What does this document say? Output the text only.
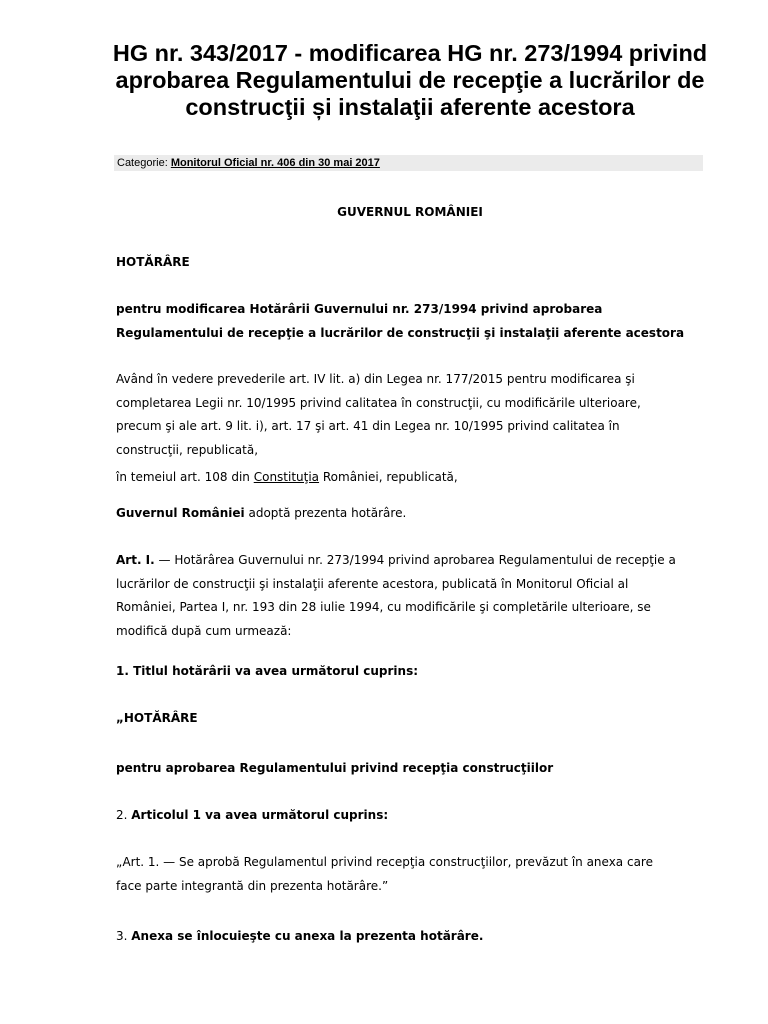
HG nr. 343/2017 - modificarea HG nr. 273/1994 privind aprobarea Regulamentului de recepţie a lucrărilor de construcţii și instalaţii aferente acestora
Categorie: Monitorul Oficial nr. 406 din 30 mai 2017

GUVERNUL ROMÂNIEI

HOTĂRÂRE

pentru modificarea Hotărârii Guvernului nr. 273/1994 privind aprobarea
Regulamentului de recepţie a lucrărilor de construcţii şi instalaţii aferente acestora
Având în vedere prevederile art. IV lit. a) din Legea nr. 177/2015 pentru modificarea şi
completarea Legii nr. 10/1995 privind calitatea în construcţii, cu modificările ulterioare,
precum şi ale art. 9 lit. i), art. 17 şi art. 41 din Legea nr. 10/1995 privind calitatea în
construcţii, republicată,

în temeiul art. 108 din Constituţia României, republicată,

Guvernul României adoptă prezenta hotărâre.

Art. I. — Hotărârea Guvernului nr. 273/1994 privind aprobarea Regulamentului de recepţie a
lucrărilor de construcţii şi instalaţii aferente acestora, publicată în Monitorul Oficial al
României, Partea I, nr. 193 din 28 iulie 1994, cu modificările şi completările ulterioare, se
modifică după cum urmează:

1. Titlul hotărârii va avea următorul cuprins:

„HOTĂRÂRE

pentru aprobarea Regulamentului privind recepţia construcţiilor

2. Articolul 1 va avea următorul cuprins:

„Art. 1. — Se aprobă Regulamentul privind recepţia construcţiilor, prevăzut în anexa care
face parte integrantă din prezenta hotărâre.”

3. Anexa se înlocuieşte cu anexa la prezenta hotărâre.
